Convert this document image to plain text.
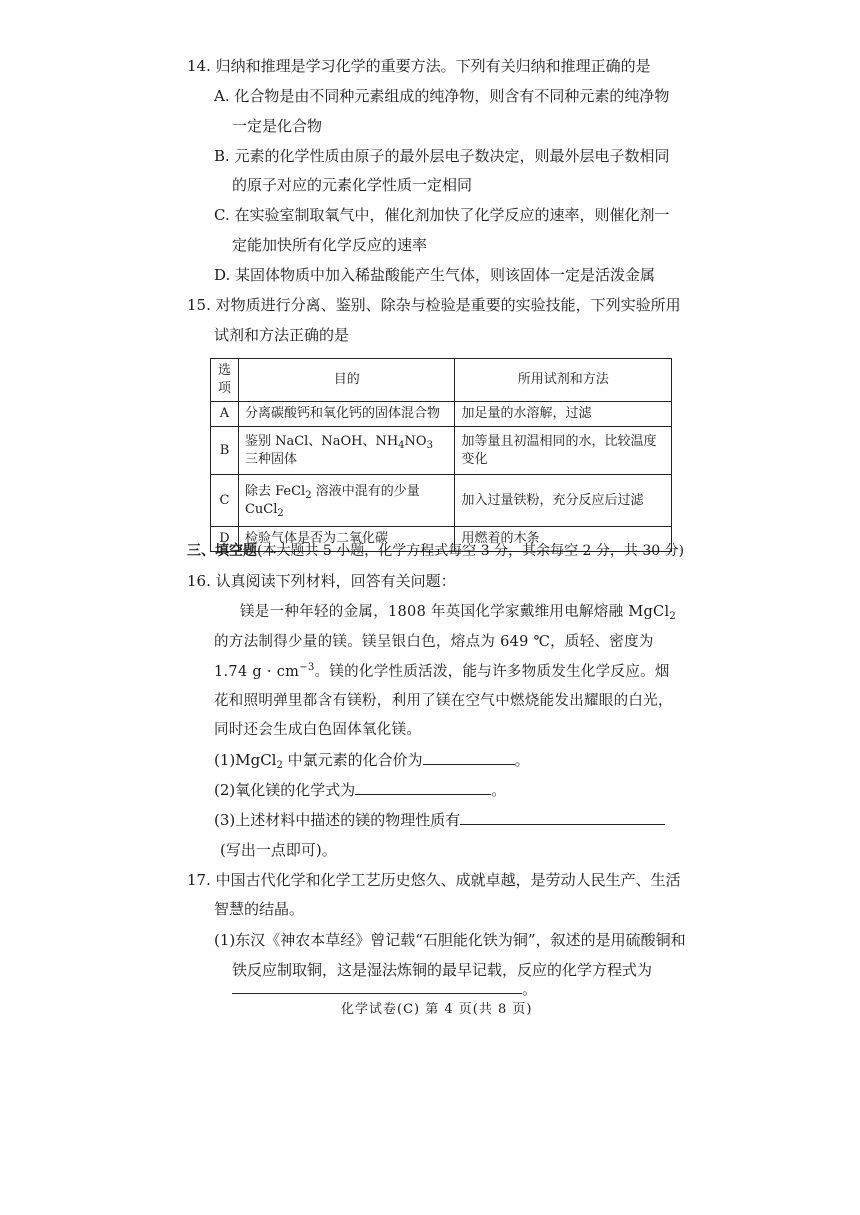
14. 归纳和推理是学习化学的重要方法。下列有关归纳和推理正确的是
A. 化合物是由不同种元素组成的纯净物，则含有不同种元素的纯净物
一定是化合物
B. 元素的化学性质由原子的最外层电子数决定，则最外层电子数相同
的原子对应的元素化学性质一定相同
C. 在实验室制取氧气中，催化剂加快了化学反应的速率，则催化剂一
定能加快所有化学反应的速率
D. 某固体物质中加入稀盐酸能产生气体，则该固体一定是活泼金属
15. 对物质进行分离、鉴别、除杂与检验是重要的实验技能，下列实验所用
试剂和方法正确的是
选项	目的	所用试剂和方法
A	分离碳酸钙和氧化钙的固体混合物	加足量的水溶解，过滤
B	鉴别 NaCl、NaOH、$NH_4NO_3$ 三种固体	加等量且初温相同的水，比较温度变化
C	除去 FeCl$_2$ 溶液中混有的少量 CuCl$_2$	加入过量铁粉，充分反应后过滤
D	检验气体是否为二氧化碳	用燃着的木条
三、填空题(本大题共 5 小题，化学方程式每空 3 分，其余每空 2 分，共 30 分)
16. 认真阅读下列材料，回答有关问题：
镁是一种年轻的金属，1808 年英国化学家戴维用电解熔融 MgCl$_2$
的方法制得少量的镁。镁呈银白色，熔点为 649 ℃，质轻、密度为
1.74 $g \cdot cm^{-3}$。镁的化学性质活泼，能与许多物质发生化学反应。烟
花和照明弹里都含有镁粉，利用了镁在空气中燃烧能发出耀眼的白光，
同时还会生成白色固体氧化镁。
(1)MgCl$_2$ 中氯元素的化合价为	。
(2)氧化镁的化学式为	。
(3)上述材料中描述的镁的物理性质有
(写出一点即可)。
17. 中国古代化学和化学工艺历史悠久、成就卓越，是劳动人民生产、生活
智慧的结晶。
(1)东汉《神农本草经》曾记载“石胆能化铁为铜”，叙述的是用硫酸铜和
铁反应制取铜，这是湿法炼铜的最早记载，反应的化学方程式为
。
化学试卷(C) 第 4 页(共 8 页)
